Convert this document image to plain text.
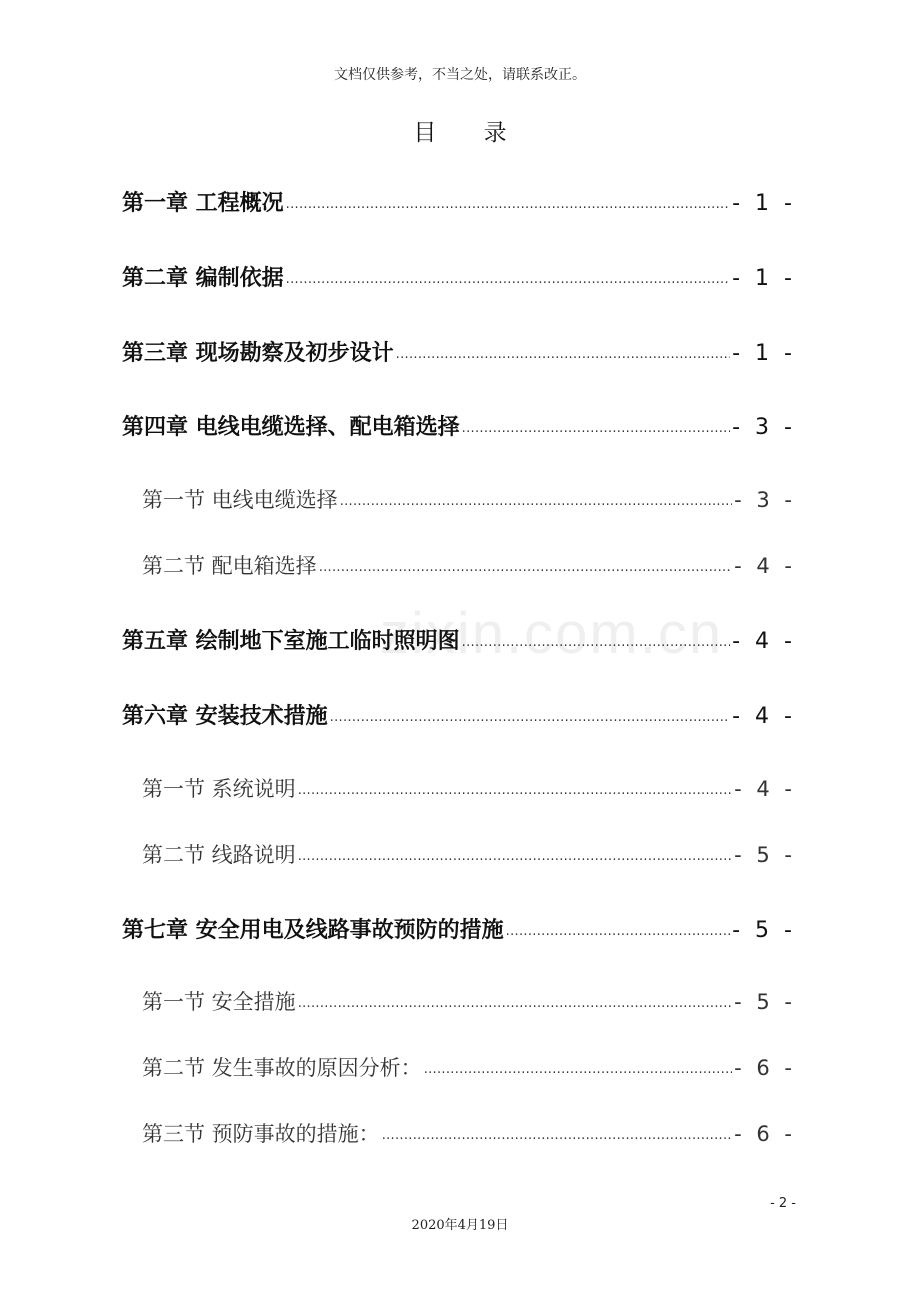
文档仅供参考，不当之处，请联系改正。
目 录
zixin.com.cn
第一章 工程概况 .....	- 1 -
第二章 编制依据 .....	- 1 -
第三章 现场勘察及初步设计 .....	- 1 -
第四章 电线电缆选择、配电箱选择 .....	- 3 -
第一节 电线电缆选择 .....	- 3 -
第二节 配电箱选择 .....	- 4 -
第五章 绘制地下室施工临时照明图 .....	- 4 -
第六章 安装技术措施 .....	- 4 -
第一节 系统说明 .....	- 4 -
第二节 线路说明 .....	- 5 -
第七章 安全用电及线路事故预防的措施 .....	- 5 -
第一节 安全措施 .....	- 5 -
第二节 发生事故的原因分析： .....	- 6 -
第三节 预防事故的措施： .....	- 6 -
- 2 -
2020年4月19日
